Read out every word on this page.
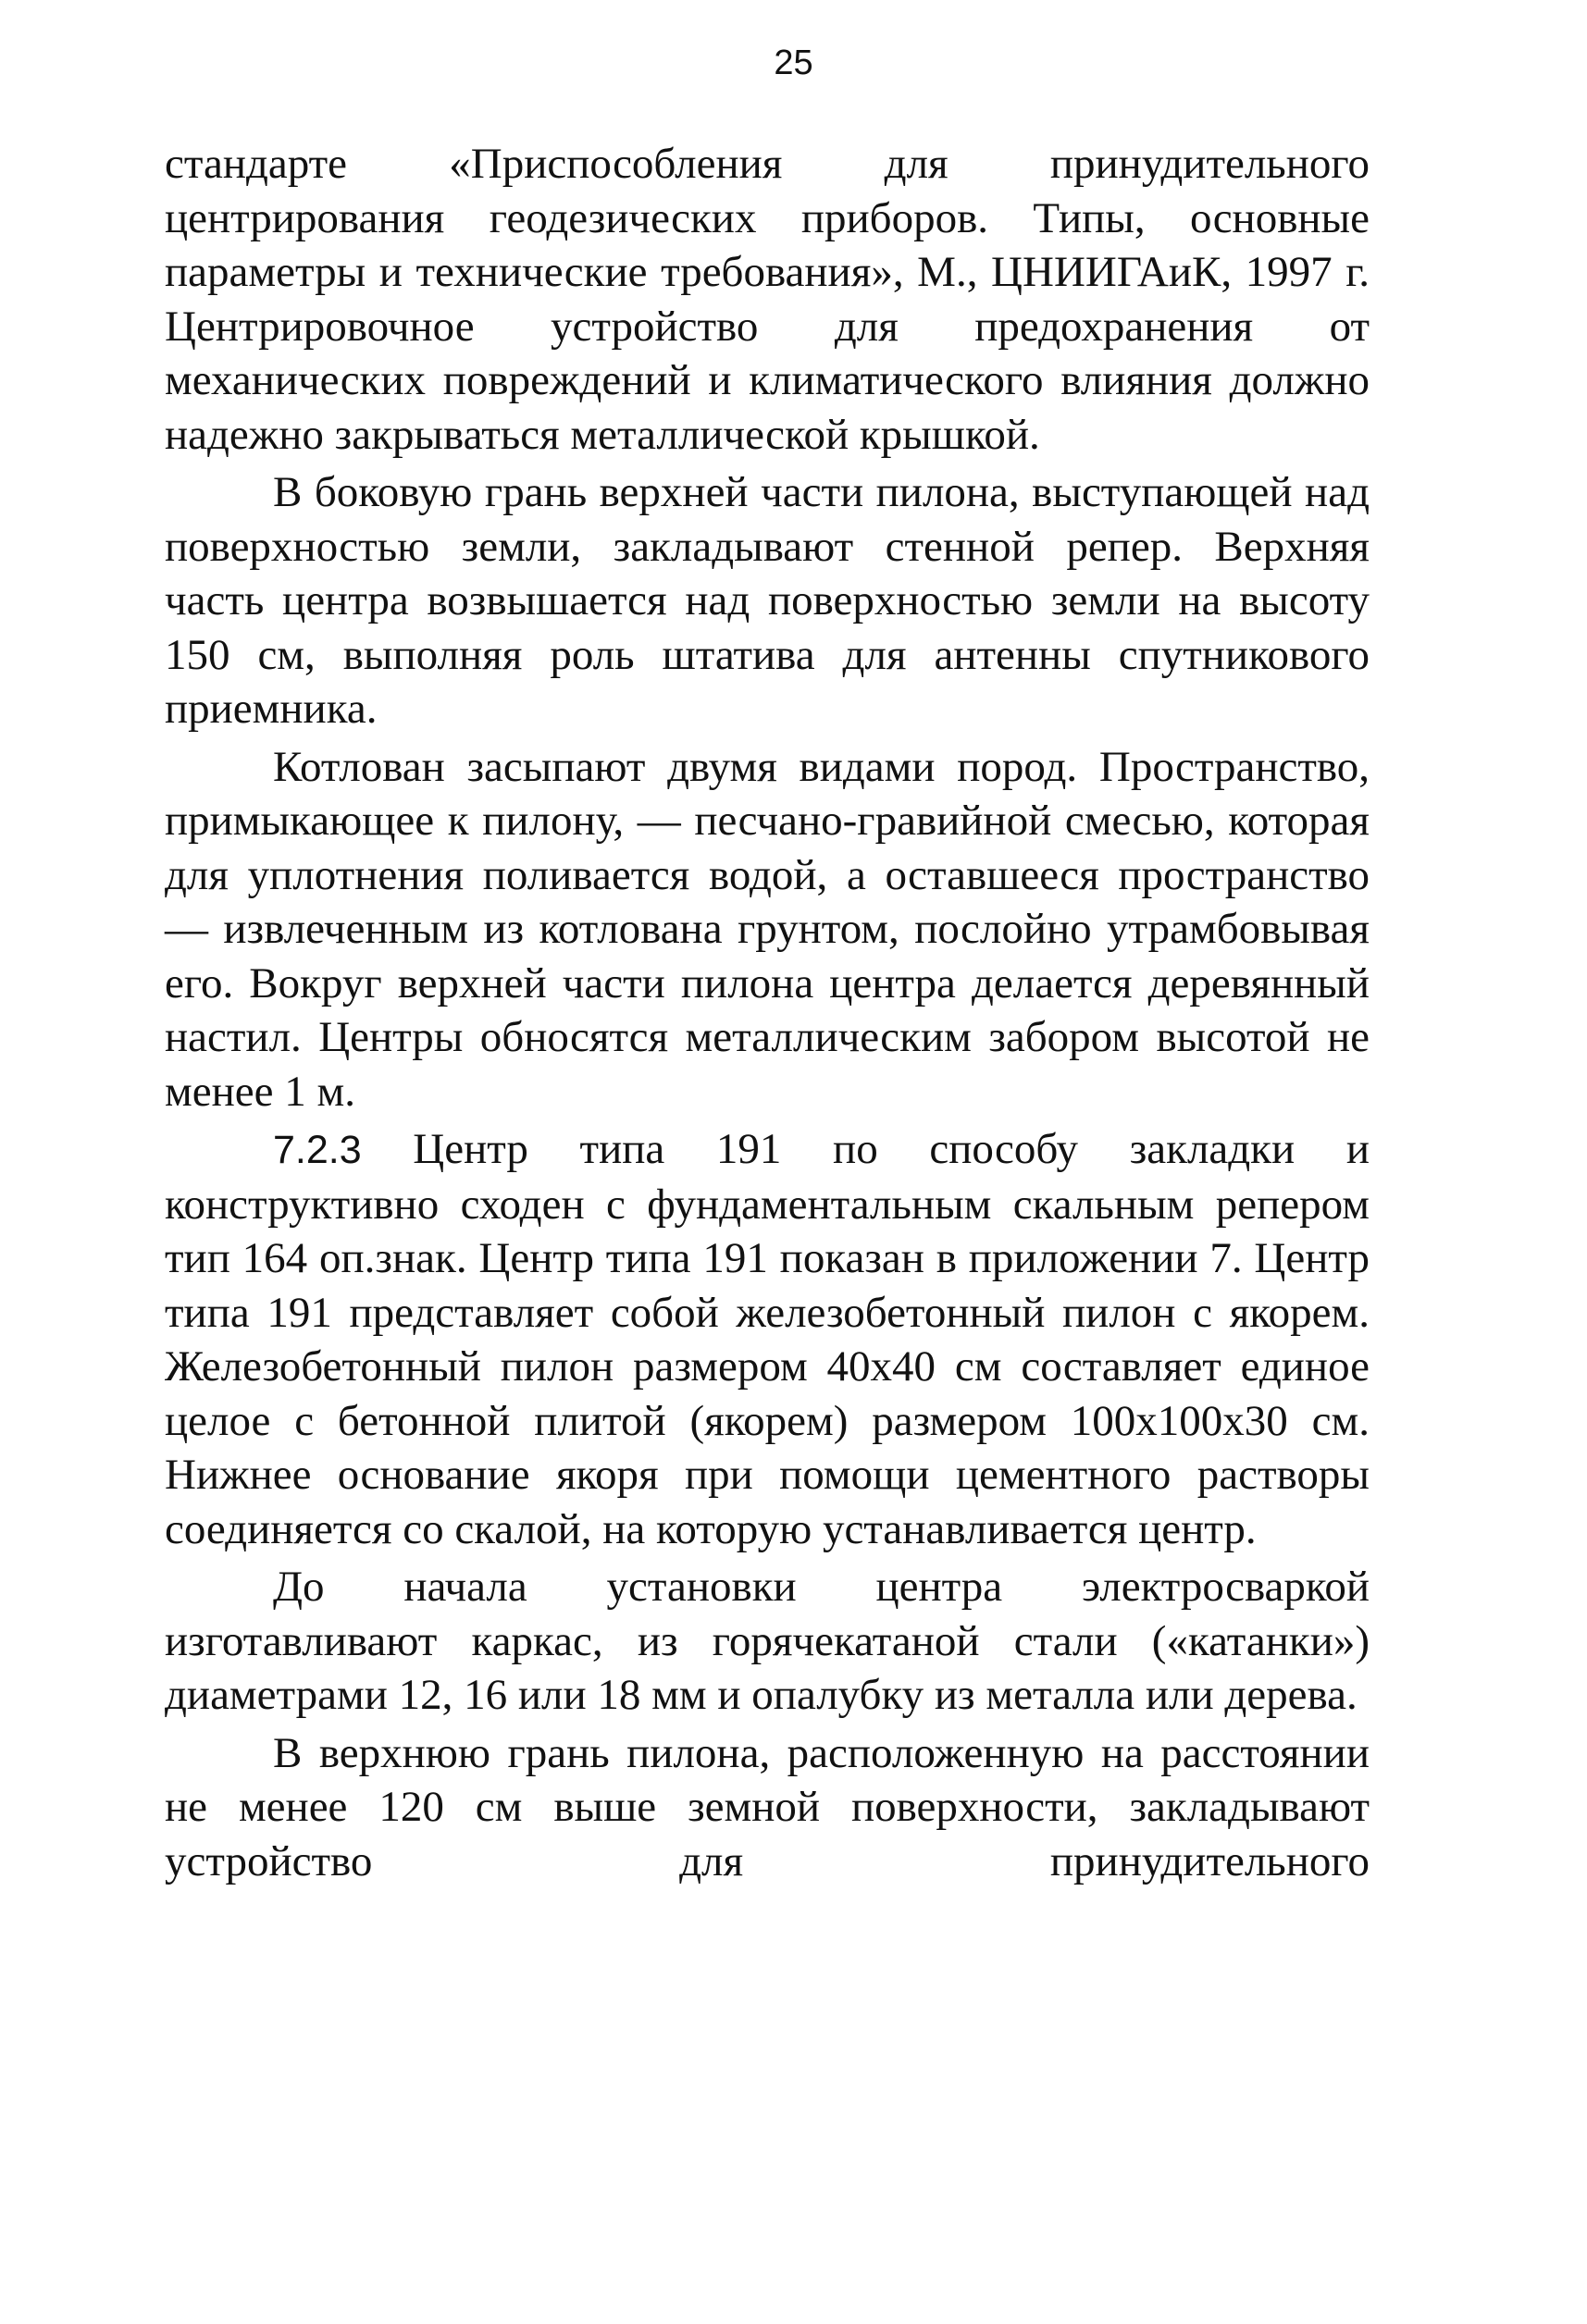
25

стандарте «Приспособления для принудительного центрирования геодезических приборов. Типы, основные параметры и технические требования», М., ЦНИИГАиК, 1997 г. Центрировочное устройство для предохранения от механических повреждений и климатического влияния должно надежно закрываться металлической крышкой.

В боковую грань верхней части пилона, выступающей над поверхностью земли, закладывают стенной репер. Верхняя часть центра возвышается над поверхностью земли на высоту 150 см, выполняя роль штатива для антенны спутникового приемника.

Котлован засыпают двумя видами пород. Пространство, примыкающее к пилону, — песчано-гравийной смесью, которая для уплотнения поливается водой, а оставшееся пространство — извлеченным из котлована грунтом, послойно утрамбовывая его. Вокруг верхней части пилона центра делается деревянный настил. Центры обносятся металлическим забором высотой не менее 1 м.

7.2.3 Центр типа 191 по способу закладки и конструктивно сходен с фундаментальным скальным репером тип 164 оп.знак. Центр типа 191 показан в приложении 7. Центр типа 191 представляет собой железобетонный пилон с якорем. Железобетонный пилон размером 40х40 см составляет единое целое с бетонной плитой (якорем) размером 100х100х30 см. Нижнее основание якоря при помощи цементного растворы соединяется со скалой, на которую устанавливается центр.

До начала установки центра электросваркой изготавливают каркас, из горячекатаной стали («катанки») диаметрами 12, 16 или 18 мм и опалубку из металла или дерева.

В верхнюю грань пилона, расположенную на расстоянии не менее 120 см выше земной поверхности, закладывают устройство для принудительного
